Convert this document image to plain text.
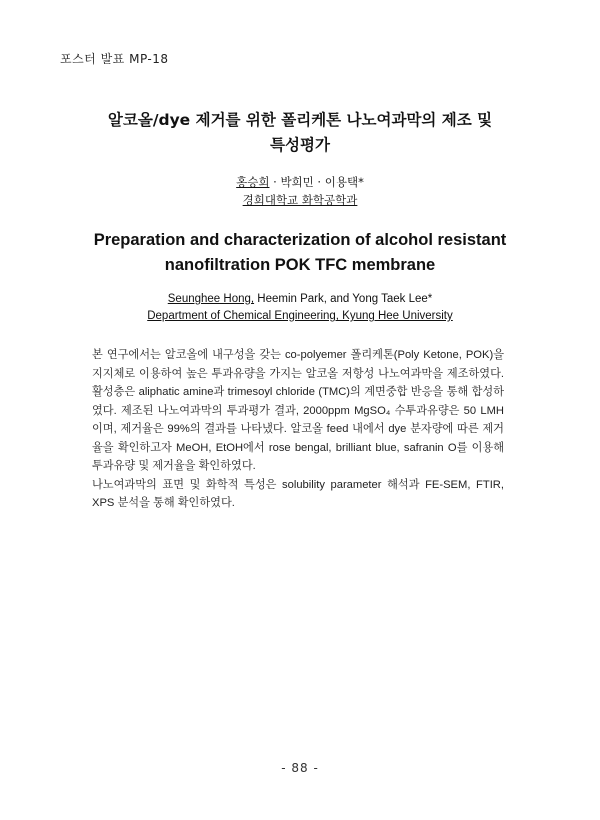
포스터 발표 MP-18
알코올/dye 제거를 위한 폴리케톤 나노여과막의 제조 및
특성평가
홍승희 · 박희민 · 이용택*
경희대학교 화학공학과
Preparation and characterization of alcohol resistant
nanofiltration POK TFC membrane
Seunghee Hong, Heemin Park, and Yong Taek Lee*
Department of Chemical Engineering, Kyung Hee University
본 연구에서는 알코올에 내구성을 갖는 co-polyemer 폴리케톤(Poly Ketone, POK)을 지지체로 이용하여 높은 투과유량을 가지는 알코올 저항성 나노여과막을 제조하였다. 활성층은 aliphatic amine과 trimesoyl chloride (TMC)의 계면중합 반응을 통해 합성하였다. 제조된 나노여과막의 투과평가 결과, 2000ppm MgSO₄ 수투과유량은 50 LMH이며, 제거율은 99%의 결과를 나타냈다. 알코올 feed 내에서 dye 분자량에 따른 제거율을 확인하고자 MeOH, EtOH에서 rose bengal, brilliant blue, safranin O를 이용해 투과유량 및 제거율을 확인하였다.
나노여과막의 표면 및 화학적 특성은 solubility parameter 해석과 FE-SEM, FTIR, XPS 분석을 통해 확인하였다.
- 88 -
